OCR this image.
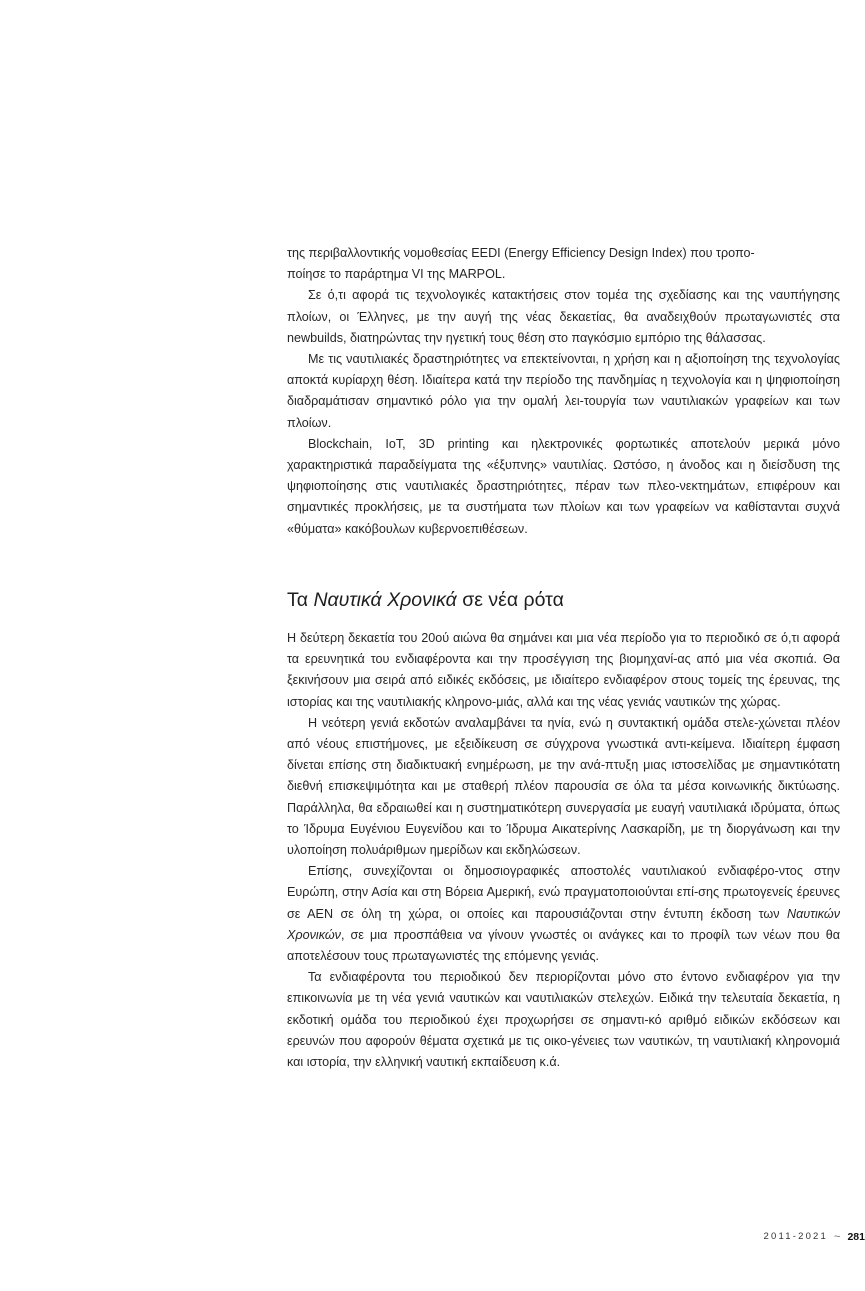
της περιβαλλοντικής νομοθεσίας EEDI (Energy Efficiency Design Index) που τροπο-
ποίησε το παράρτημα VI της MARPOL.

Σε ό,τι αφορά τις τεχνολογικές κατακτήσεις στον τομέα της σχεδίασης και της ναυπήγησης πλοίων, οι Έλληνες, με την αυγή της νέας δεκαετίας, θα αναδειχθούν πρωταγωνιστές στα newbuilds, διατηρώντας την ηγετική τους θέση στο παγκόσμιο εμπόριο της θάλασσας.

Με τις ναυτιλιακές δραστηριότητες να επεκτείνονται, η χρήση και η αξιοποίηση της τεχνολογίας αποκτά κυρίαρχη θέση. Ιδιαίτερα κατά την περίοδο της πανδημίας η τεχνολογία και η ψηφιοποίηση διαδραμάτισαν σημαντικό ρόλο για την ομαλή λει-τουργία των ναυτιλιακών γραφείων και των πλοίων.

Blockchain, IoT, 3D printing και ηλεκτρονικές φορτωτικές αποτελούν μερικά μόνο χαρακτηριστικά παραδείγματα της «έξυπνης» ναυτιλίας. Ωστόσο, η άνοδος και η διείσδυση της ψηφιοποίησης στις ναυτιλιακές δραστηριότητες, πέραν των πλεο-νεκτημάτων, επιφέρουν και σημαντικές προκλήσεις, με τα συστήματα των πλοίων και των γραφείων να καθίστανται συχνά «θύματα» κακόβουλων κυβερνοεπιθέσεων.

Τα Ναυτικά Χρονικά σε νέα ρότα

Η δεύτερη δεκαετία του 20ού αιώνα θα σημάνει και μια νέα περίοδο για το περιοδικό σε ό,τι αφορά τα ερευνητικά του ενδιαφέροντα και την προσέγγιση της βιομηχανί-ας από μια νέα σκοπιά. Θα ξεκινήσουν μια σειρά από ειδικές εκδόσεις, με ιδιαίτερο ενδιαφέρον στους τομείς της έρευνας, της ιστορίας και της ναυτιλιακής κληρονο-μιάς, αλλά και της νέας γενιάς ναυτικών της χώρας.

Η νεότερη γενιά εκδοτών αναλαμβάνει τα ηνία, ενώ η συντακτική ομάδα στελε-χώνεται πλέον από νέους επιστήμονες, με εξειδίκευση σε σύγχρονα γνωστικά αντι-κείμενα. Ιδιαίτερη έμφαση δίνεται επίσης στη διαδικτυακή ενημέρωση, με την ανά-πτυξη μιας ιστοσελίδας με σημαντικότατη διεθνή επισκεψιμότητα και με σταθερή πλέον παρουσία σε όλα τα μέσα κοινωνικής δικτύωσης. Παράλληλα, θα εδραιωθεί και η συστηματικότερη συνεργασία με ευαγή ναυτιλιακά ιδρύματα, όπως το Ίδρυμα Ευγένιου Ευγενίδου και το Ίδρυμα Αικατερίνης Λασκαρίδη, με τη διοργάνωση και την υλοποίηση πολυάριθμων ημερίδων και εκδηλώσεων.

Επίσης, συνεχίζονται οι δημοσιογραφικές αποστολές ναυτιλιακού ενδιαφέρο-ντος στην Ευρώπη, στην Ασία και στη Βόρεια Αμερική, ενώ πραγματοποιούνται επί-σης πρωτογενείς έρευνες σε ΑΕΝ σε όλη τη χώρα, οι οποίες και παρουσιάζονται στην έντυπη έκδοση των Ναυτικών Χρονικών, σε μια προσπάθεια να γίνουν γνωστές οι ανάγκες και το προφίλ των νέων που θα αποτελέσουν τους πρωταγωνιστές της επόμενης γενιάς.

Τα ενδιαφέροντα του περιοδικού δεν περιορίζονται μόνο στο έντονο ενδιαφέρον για την επικοινωνία με τη νέα γενιά ναυτικών και ναυτιλιακών στελεχών. Ειδικά την τελευταία δεκαετία, η εκδοτική ομάδα του περιοδικού έχει προχωρήσει σε σημαντι-κό αριθμό ειδικών εκδόσεων και ερευνών που αφορούν θέματα σχετικά με τις οικο-γένειες των ναυτικών, τη ναυτιλιακή κληρονομιά και ιστορία, την ελληνική ναυτική εκπαίδευση κ.ά.

2011-2021 ~ 281
